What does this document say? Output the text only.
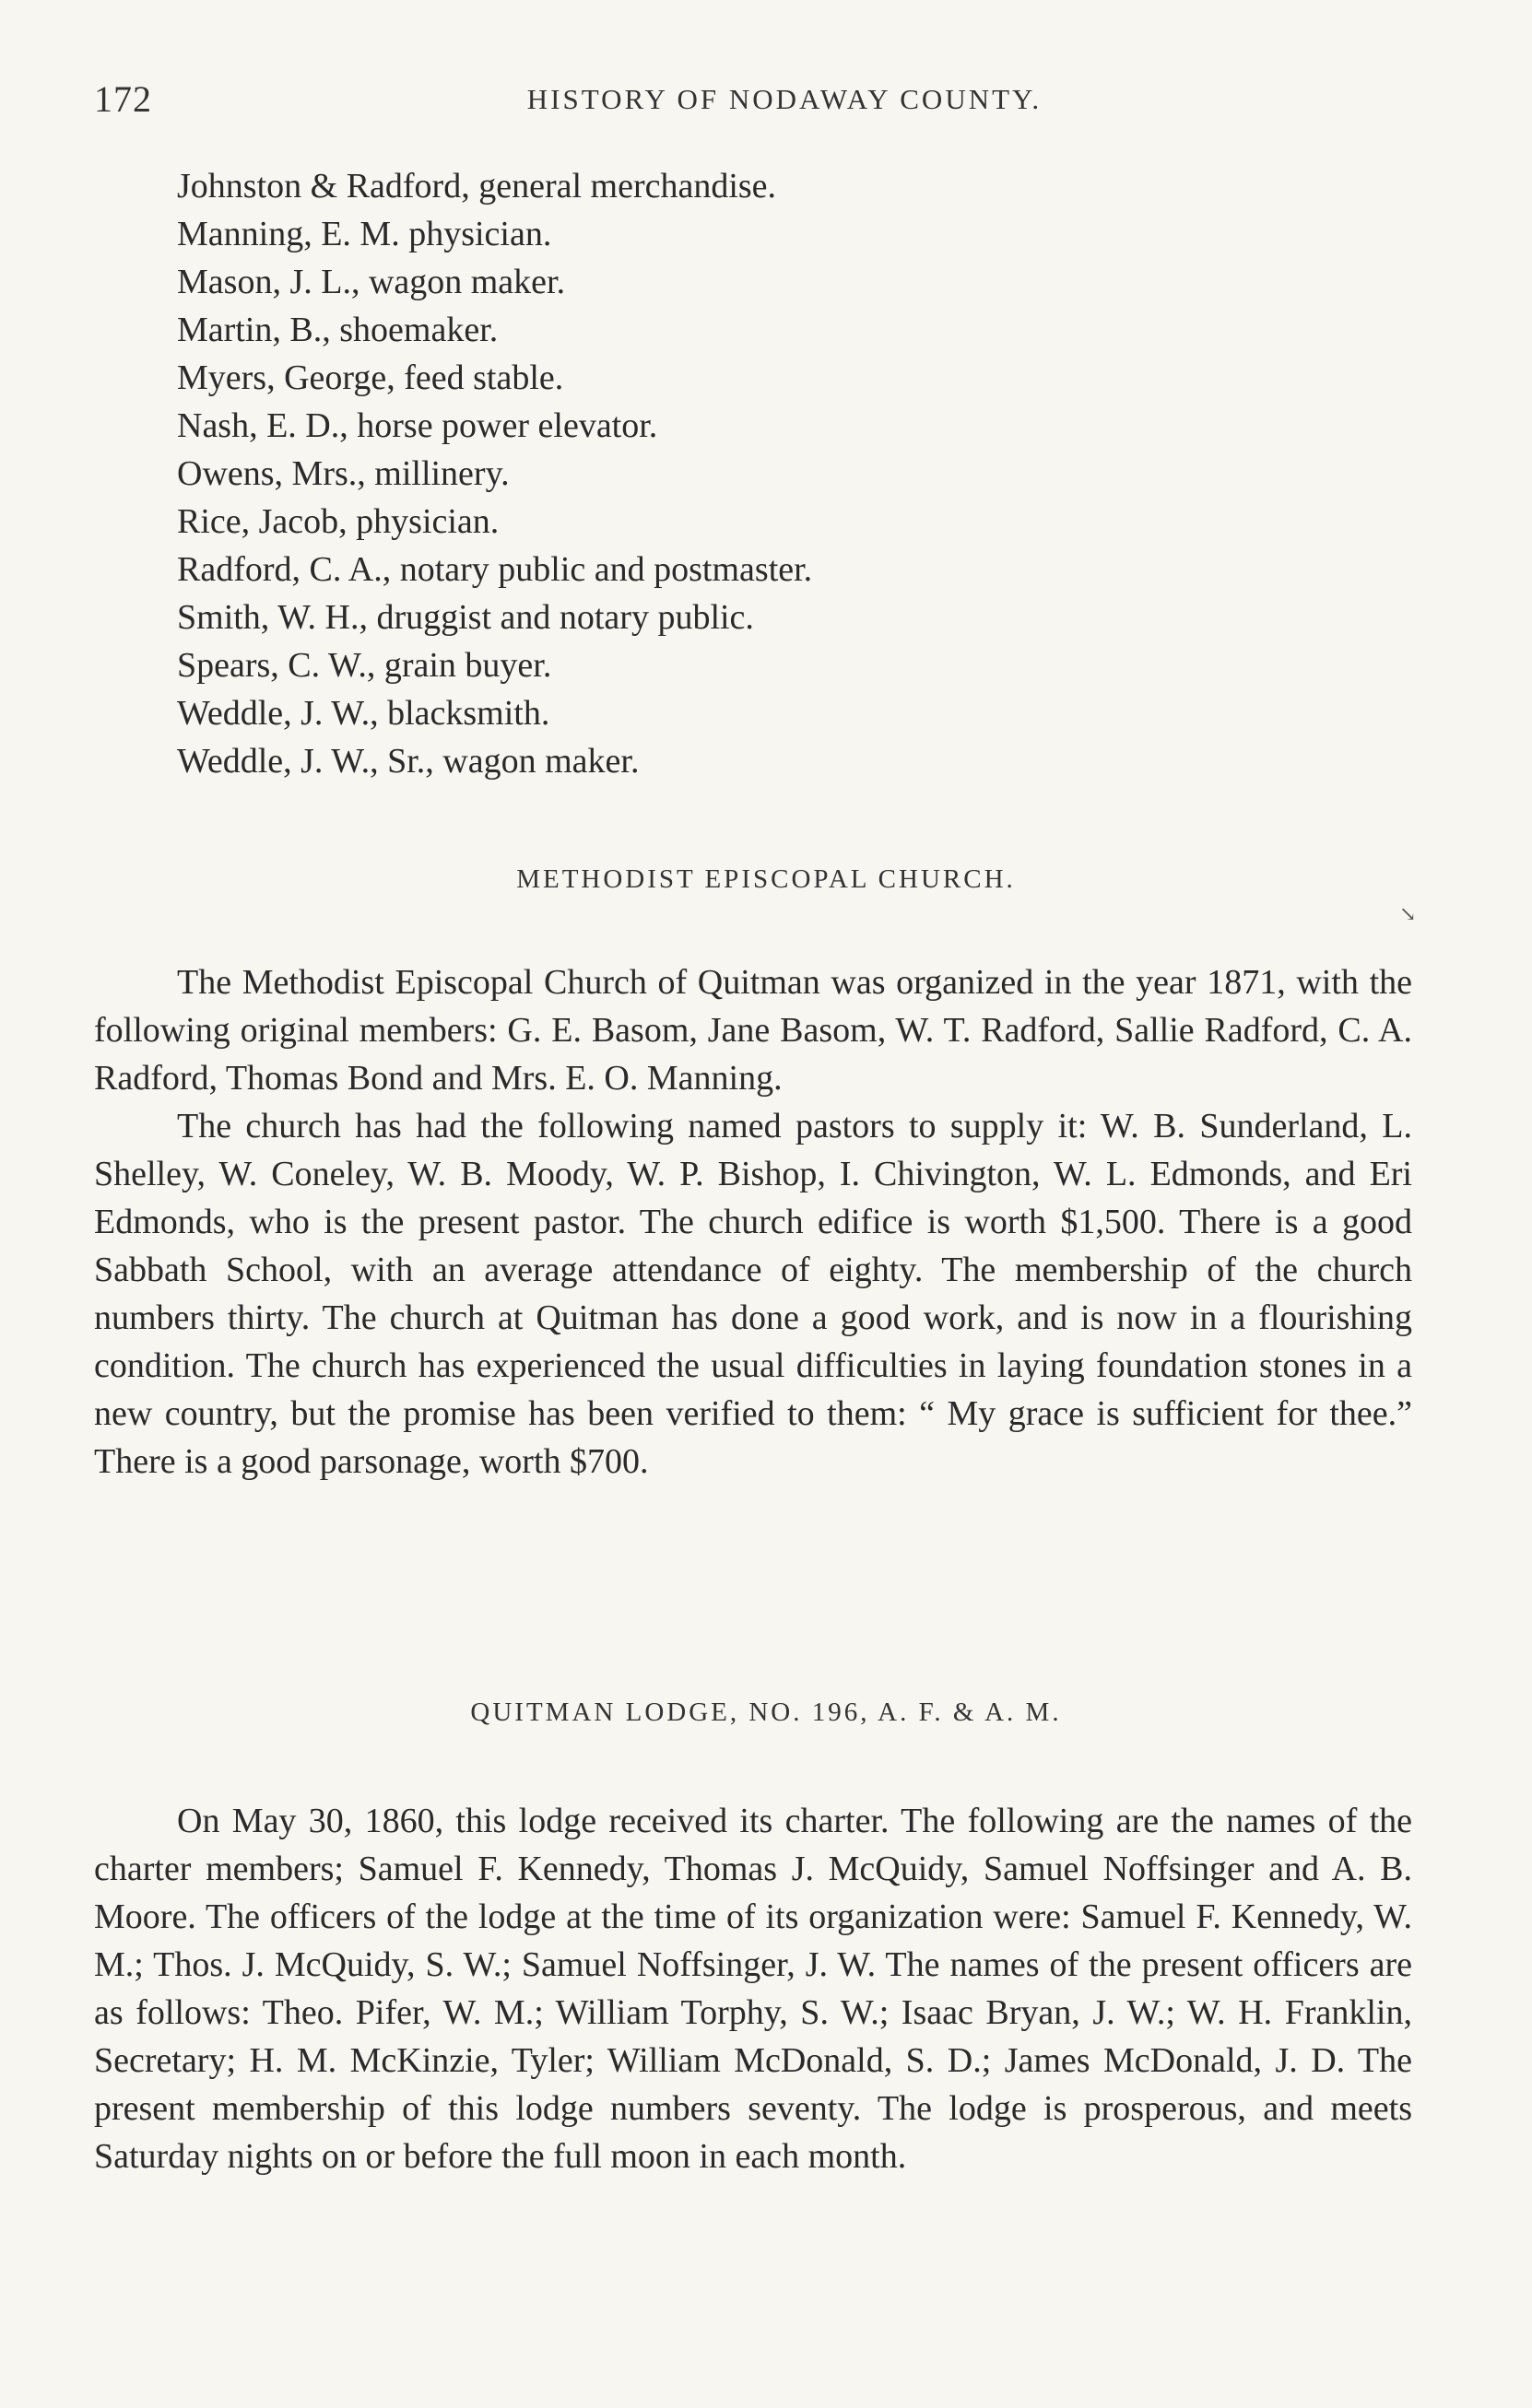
172	HISTORY OF NODAWAY COUNTY.
Johnston & Radford, general merchandise.
Manning, E. M. physician.
Mason, J. L., wagon maker.
Martin, B., shoemaker.
Myers, George, feed stable.
Nash, E. D., horse power elevator.
Owens, Mrs., millinery.
Rice, Jacob, physician.
Radford, C. A., notary public and postmaster.
Smith, W. H., druggist and notary public.
Spears, C. W., grain buyer.
Weddle, J. W., blacksmith.
Weddle, J. W., Sr., wagon maker.
METHODIST EPISCOPAL CHURCH.
↘

The Methodist Episcopal Church of Quitman was organized in the year 1871, with the following original members: G. E. Basom, Jane Basom, W. T. Radford, Sallie Radford, C. A. Radford, Thomas Bond and Mrs. E. O. Manning.

The church has had the following named pastors to supply it: W. B. Sunderland, L. Shelley, W. Coneley, W. B. Moody, W. P. Bishop, I. Chivington, W. L. Edmonds, and Eri Edmonds, who is the present pastor. The church edifice is worth $1,500. There is a good Sabbath School, with an average attendance of eighty. The membership of the church numbers thirty. The church at Quitman has done a good work, and is now in a flourishing condition. The church has experienced the usual difficulties in laying foundation stones in a new country, but the promise has been verified to them: “ My grace is sufficient for thee.” There is a good parsonage, worth $700.

QUITMAN LODGE, NO. 196, A. F. & A. M.

On May 30, 1860, this lodge received its charter. The following are the names of the charter members; Samuel F. Kennedy, Thomas J. McQuidy, Samuel Noffsinger and A. B. Moore. The officers of the lodge at the time of its organization were: Samuel F. Kennedy, W. M.; Thos. J. McQuidy, S. W.; Samuel Noffsinger, J. W. The names of the present officers are as follows: Theo. Pifer, W. M.; William Torphy, S. W.; Isaac Bryan, J. W.; W. H. Franklin, Secretary; H. M. McKinzie, Tyler; William McDonald, S. D.; James McDonald, J. D. The present membership of this lodge numbers seventy. The lodge is prosperous, and meets Saturday nights on or before the full moon in each month.
